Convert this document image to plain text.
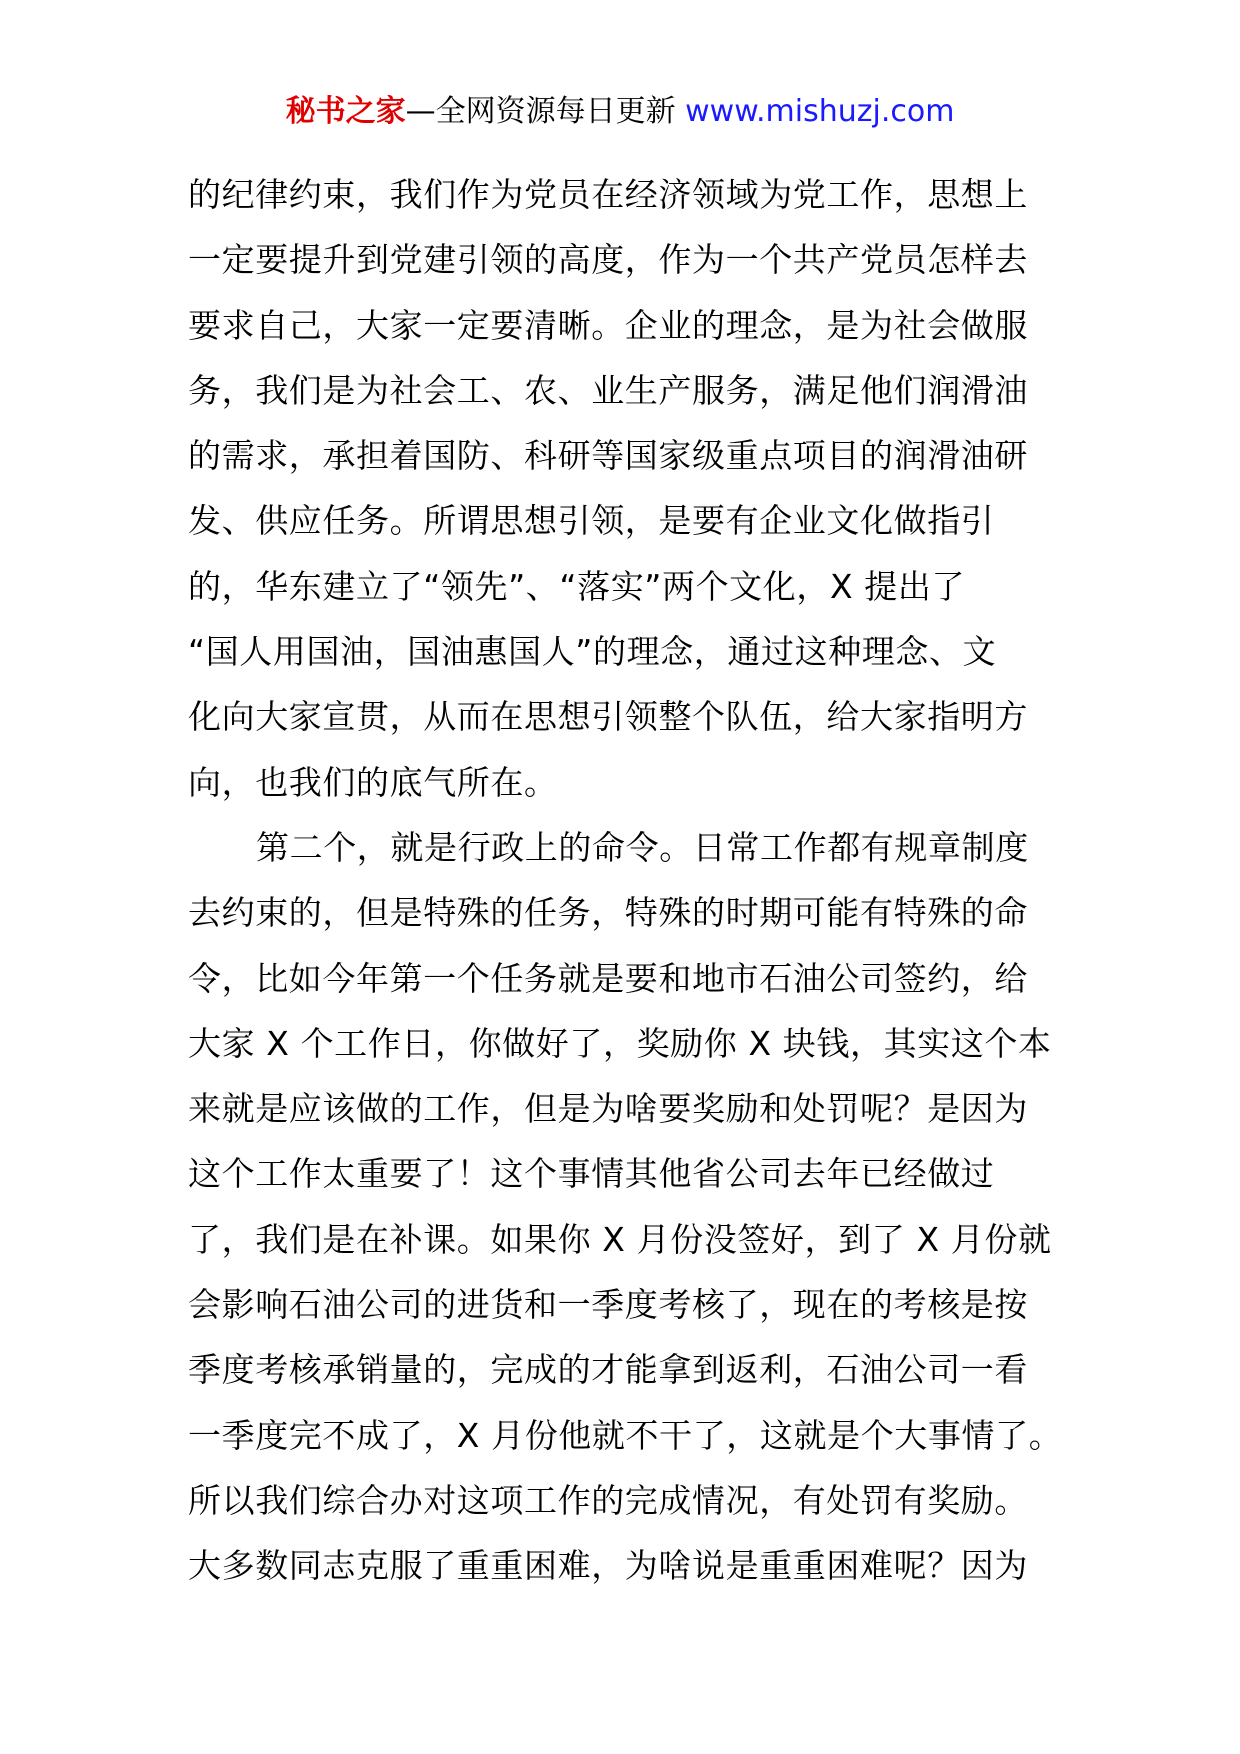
秘书之家—全网资源每日更新 www.mishuzj.com
的纪律约束，我们作为党员在经济领域为党工作，思想上
一定要提升到党建引领的高度，作为一个共产党员怎样去
要求自己，大家一定要清晰。企业的理念，是为社会做服
务，我们是为社会工、农、业生产服务，满足他们润滑油
的需求，承担着国防、科研等国家级重点项目的润滑油研
发、供应任务。所谓思想引领，是要有企业文化做指引
的，华东建立了“领先”、“落实”两个文化，X 提出了
“国人用国油，国油惠国人”的理念，通过这种理念、文
化向大家宣贯，从而在思想引领整个队伍，给大家指明方
向，也我们的底气所在。
第二个，就是行政上的命令。日常工作都有规章制度
去约束的，但是特殊的任务，特殊的时期可能有特殊的命
令，比如今年第一个任务就是要和地市石油公司签约，给
大家 X 个工作日，你做好了，奖励你 X 块钱，其实这个本
来就是应该做的工作，但是为啥要奖励和处罚呢？是因为
这个工作太重要了！这个事情其他省公司去年已经做过
了，我们是在补课。如果你 X 月份没签好，到了 X 月份就
会影响石油公司的进货和一季度考核了，现在的考核是按
季度考核承销量的，完成的才能拿到返利，石油公司一看
一季度完不成了，X 月份他就不干了，这就是个大事情了。
所以我们综合办对这项工作的完成情况，有处罚有奖励。
大多数同志克服了重重困难，为啥说是重重困难呢？因为
